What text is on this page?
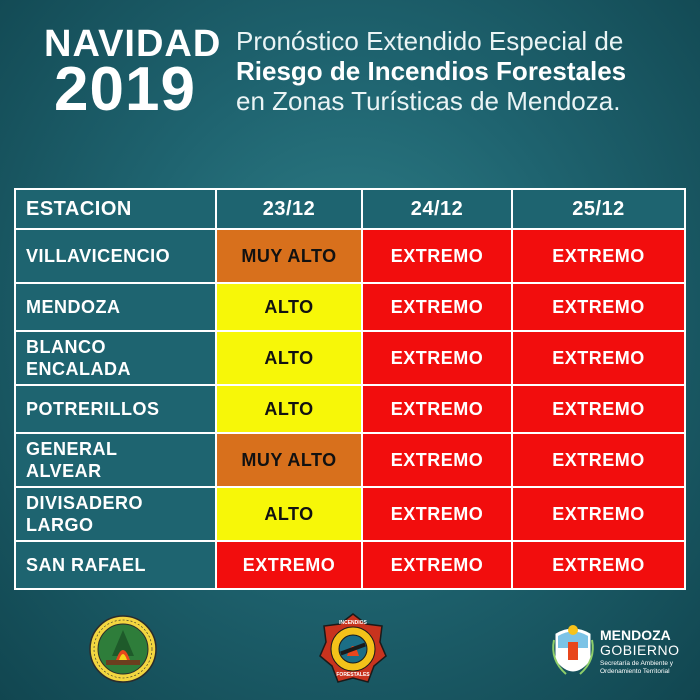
NAVIDAD
2019
Pronóstico Extendido Especial de
Riesgo de Incendios Forestales
en Zonas Turísticas de Mendoza.
ESTACION	23/12	24/12	25/12
VILLAVICENCIO	MUY ALTO	EXTREMO	EXTREMO
MENDOZA	ALTO	EXTREMO	EXTREMO
BLANCO
ENCALADA	ALTO	EXTREMO	EXTREMO
POTRERILLOS	ALTO	EXTREMO	EXTREMO
GENERAL
ALVEAR	MUY ALTO	EXTREMO	EXTREMO
DIVISADERO
LARGO	ALTO	EXTREMO	EXTREMO
SAN RAFAEL	EXTREMO	EXTREMO	EXTREMO
INCENDIOS
FORESTALES
MENDOZA
GOBIERNO
Secretaría de Ambiente y
Ordenamiento Territorial
